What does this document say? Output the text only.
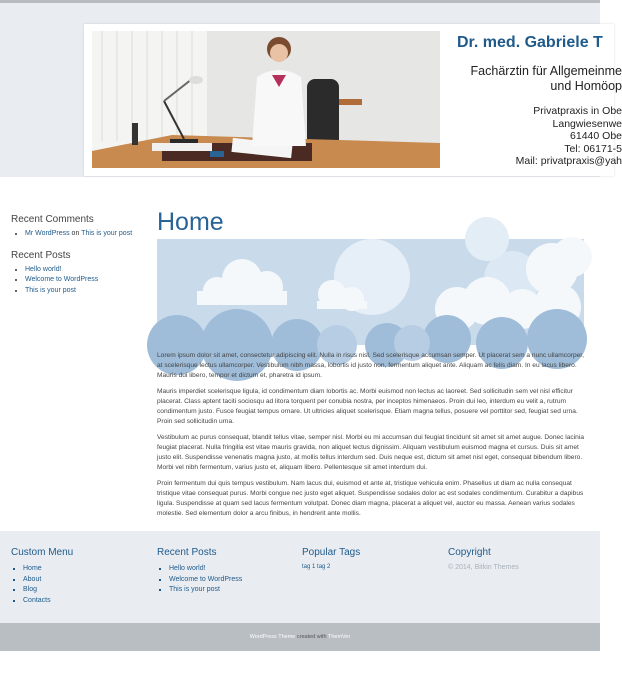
Dr. med. Gabriele T
Fachärztin für Allgemeinme
und Homöop
Privatpraxis in Obe
Langwiesenwe
61440 Obe
Tel: 06171-5
Mail: privatpraxis@yah
Recent Comments
• Mr WordPress on This is your post
Recent Posts
• Hello world!
• Welcome to WordPress
• This is your post
Home

Lorem ipsum dolor sit amet, consectetur adipiscing elit. Nulla in risus nisl. Sed scelerisque accumsan semper. Ut placerat sem a nunc ullamcorper, at scelerisque lectus ullamcorper. Vestibulum nibh massa, lobortis id justo non, fermentum aliquet ante. Aliquam ac felis diam. In eu lacus libero. Mauris dui libero, tempor et dictum et, pharetra id ipsum.

Mauris imperdiet scelerisque ligula, id condimentum diam lobortis ac. Morbi euismod non lectus ac laoreet. Sed sollicitudin sem vel nisl efficitur placerat. Class aptent taciti sociosqu ad litora torquent per conubia nostra, per inceptos himenaeos. Proin dui leo, interdum eu velit a, rutrum condimentum justo. Fusce feugiat tempus ornare. Ut ultricies aliquet scelerisque. Etiam magna tellus, posuere vel porttitor sed, feugiat sed urna. Proin sed sollicitudin urna.

Vestibulum ac purus consequat, blandit tellus vitae, semper nisl. Morbi eu mi accumsan dui feugiat tincidunt sit amet sit amet augue. Donec lacinia feugiat placerat. Nulla fringilla est vitae mauris gravida, non aliquet lectus dignissim. Aliquam vestibulum euismod magna et cursus. Duis sit amet justo elit. Suspendisse venenatis magna justo, at mollis tellus interdum sed. Duis neque est, dictum sit amet nisl eget, consequat bibendum libero. Morbi vel nibh fermentum, varius justo et, aliquam libero. Pellentesque sit amet interdum dui.

Proin fermentum dui quis tempus vestibulum. Nam lacus dui, euismod et ante at, tristique vehicula enim. Phasellus ut diam ac nulla consequat tristique vitae consequat purus. Morbi congue nec justo eget aliquet. Suspendisse sodales dolor ac est sodales condimentum. Curabitur a dapibus ligula. Suspendisse at quam sed lacus fermentum volutpat. Donec diam magna, placerat a aliquet vel, auctor eu massa. Aenean varius sodales molestie. Sed elementum dolor a arcu finibus, in hendrerit ante mollis.

Custom Menu
▪ Home
▪ About
▪ Blog
▪ Contacts
Recent Posts
▪ Hello world!
▪ Welcome to WordPress
▪ This is your post
Popular Tags
tag 1 tag 2
Copyright
© 2014, Bitkin Themes
WordPress Theme created with ThemVer
